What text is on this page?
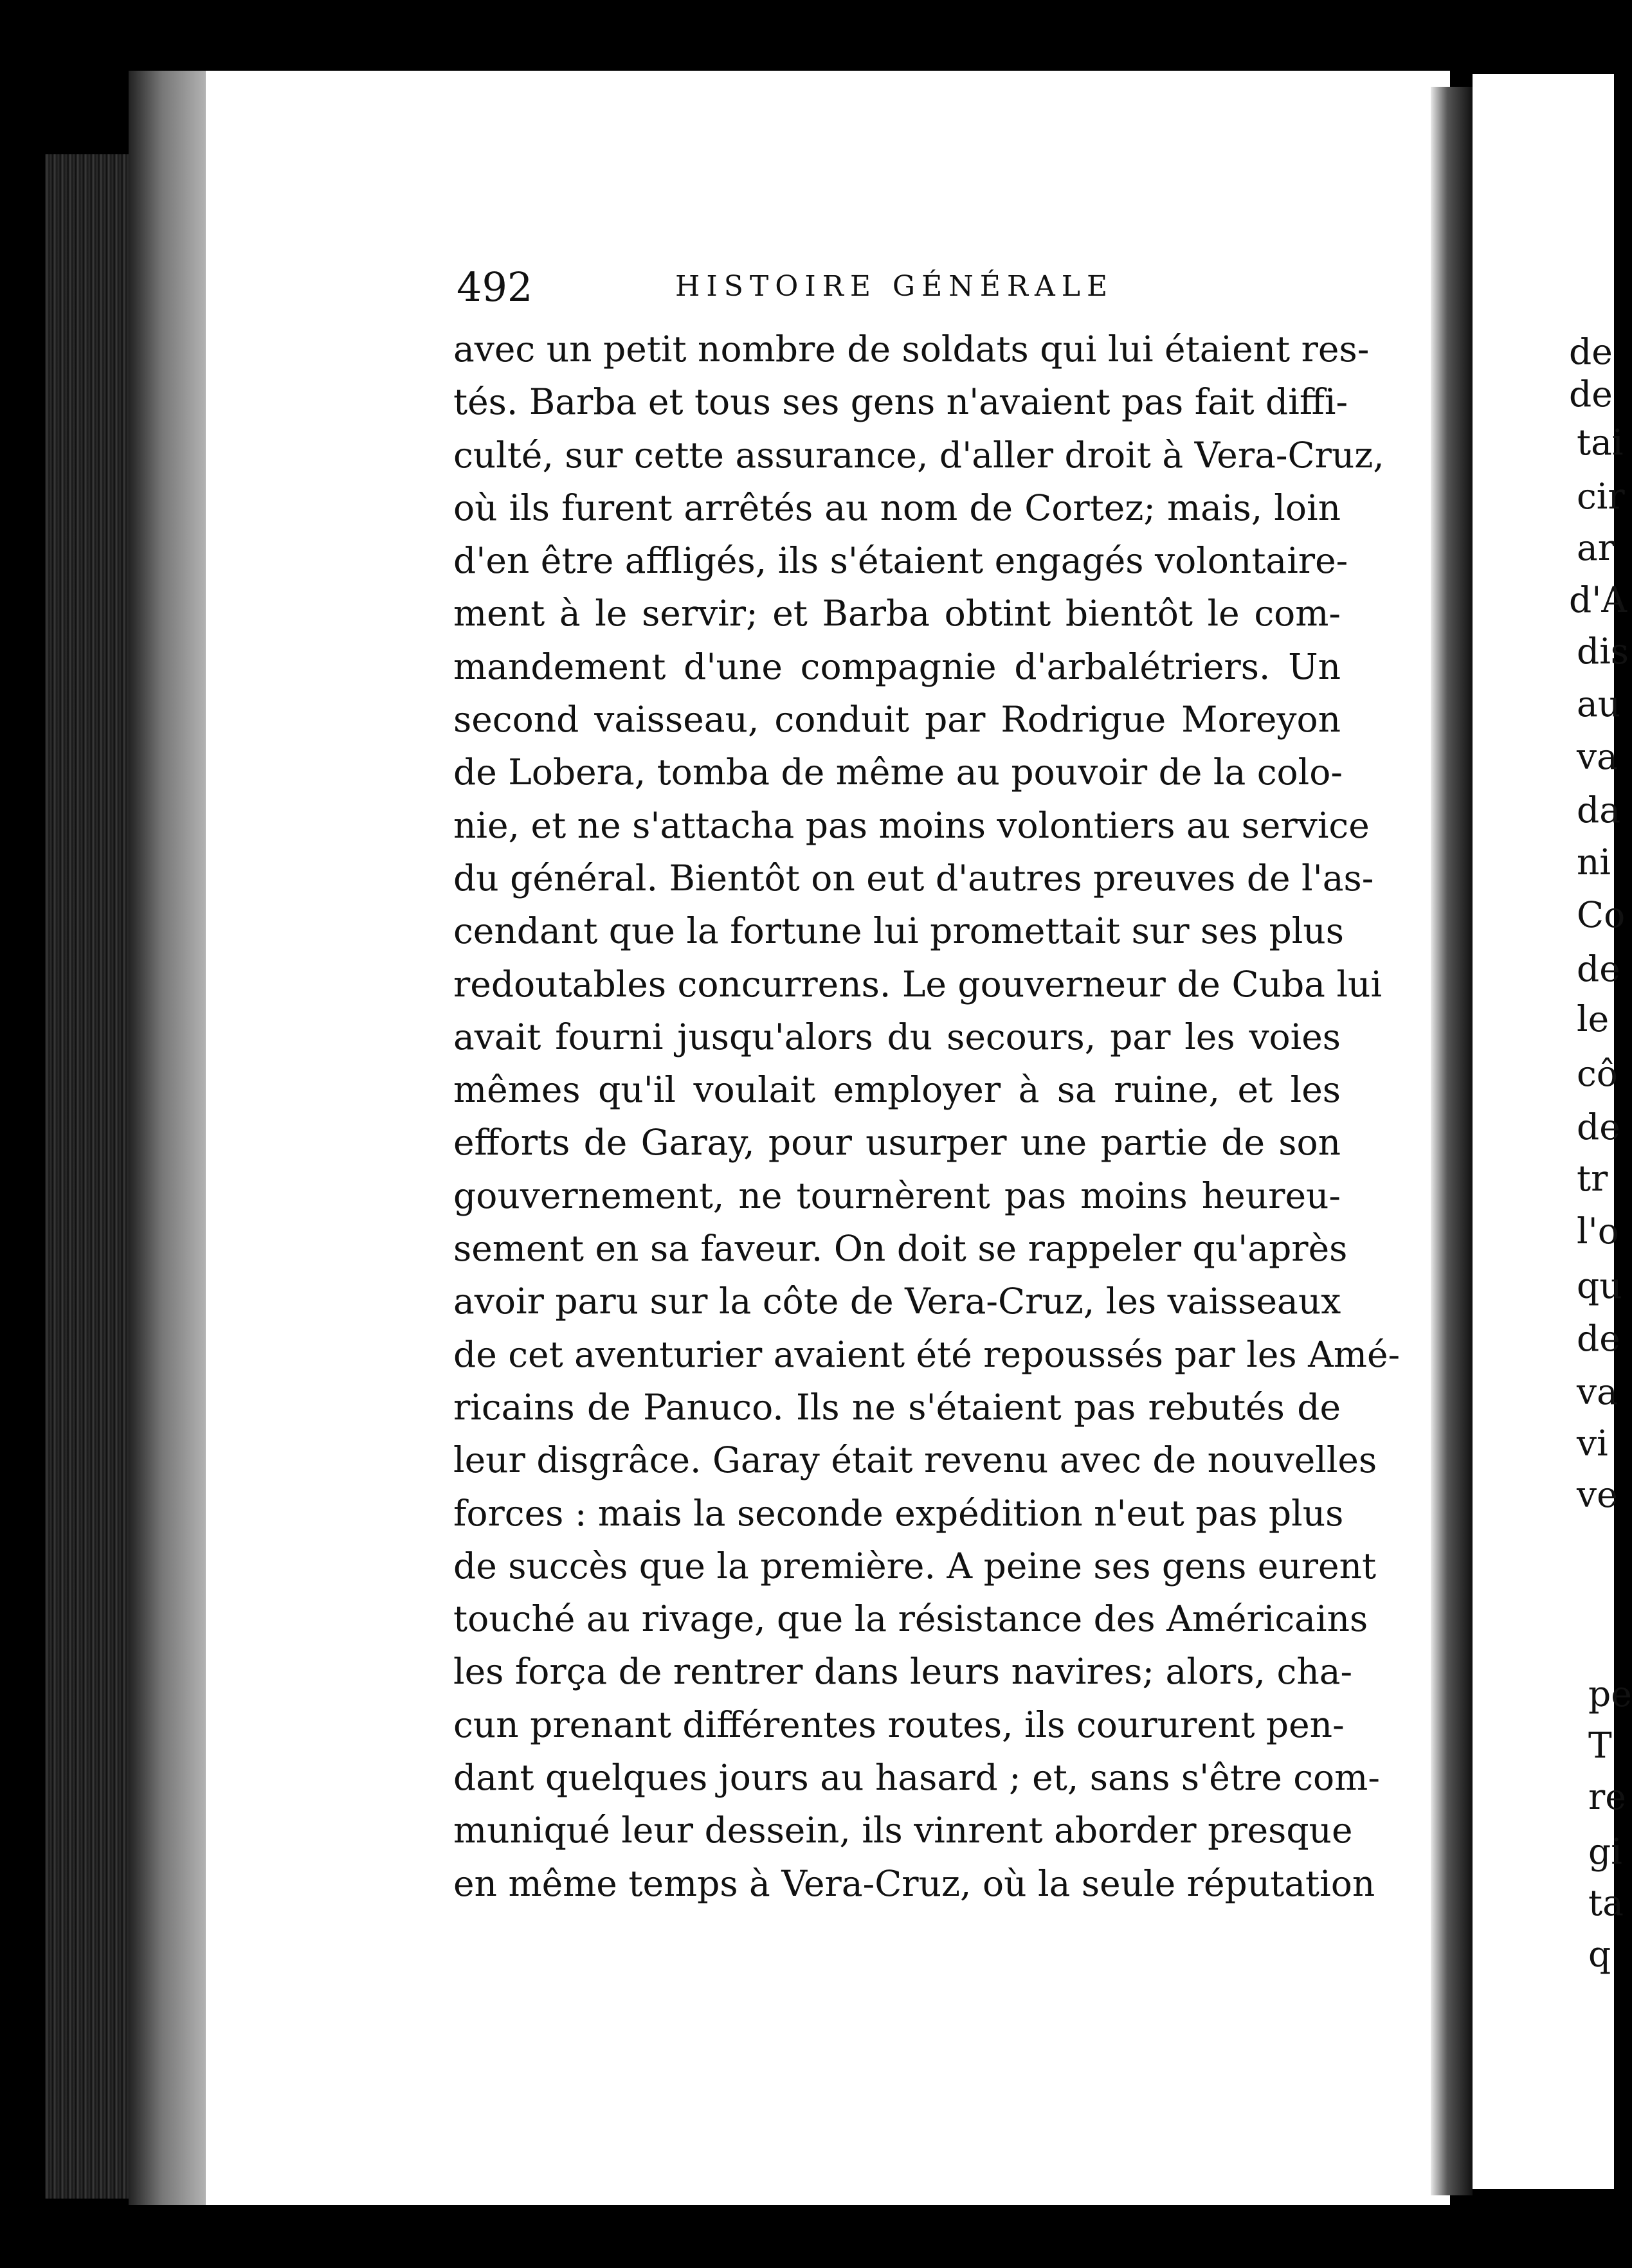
492	HISTOIRE GÉNÉRALE
avec un petit nombre de soldats qui lui étaient res-
tés. Barba et tous ses gens n'avaient pas fait diffi-
culté, sur cette assurance, d'aller droit à Vera-Cruz,
où ils furent arrêtés au nom de Cortez; mais, loin
d'en être affligés, ils s'étaient engagés volontaire-
ment à le servir; et Barba obtint bientôt le com-
mandement d'une compagnie d'arbalétriers. Un
second vaisseau, conduit par Rodrigue Moreyon
de Lobera, tomba de même au pouvoir de la colo-
nie, et ne s'attacha pas moins volontiers au service
du général. Bientôt on eut d'autres preuves de l'as-
cendant que la fortune lui promettait sur ses plus
redoutables concurrens. Le gouverneur de Cuba lui
avait fourni jusqu'alors du secours, par les voies
mêmes qu'il voulait employer à sa ruine, et les
efforts de Garay, pour usurper une partie de son
gouvernement, ne tournèrent pas moins heureu-
sement en sa faveur. On doit se rappeler qu'après
avoir paru sur la côte de Vera-Cruz, les vaisseaux
de cet aventurier avaient été repoussés par les Amé-
ricains de Panuco. Ils ne s'étaient pas rebutés de
leur disgrâce. Garay était revenu avec de nouvelles
forces : mais la seconde expédition n'eut pas plus
de succès que la première. A peine ses gens eurent
touché au rivage, que la résistance des Américains
les força de rentrer dans leurs navires; alors, cha-
cun prenant différentes routes, ils coururent pen-
dant quelques jours au hasard ; et, sans s'être com-
muniqué leur dessein, ils vinrent aborder presque
en même temps à Vera-Cruz, où la seule réputation
de
de
tai
cir
ar
d'A
dis
au
va
da
ni
Co
de
le
cô
de
tr
l'o
qu
de
va
vi
ve
pe
T
re
gi
ta
q
